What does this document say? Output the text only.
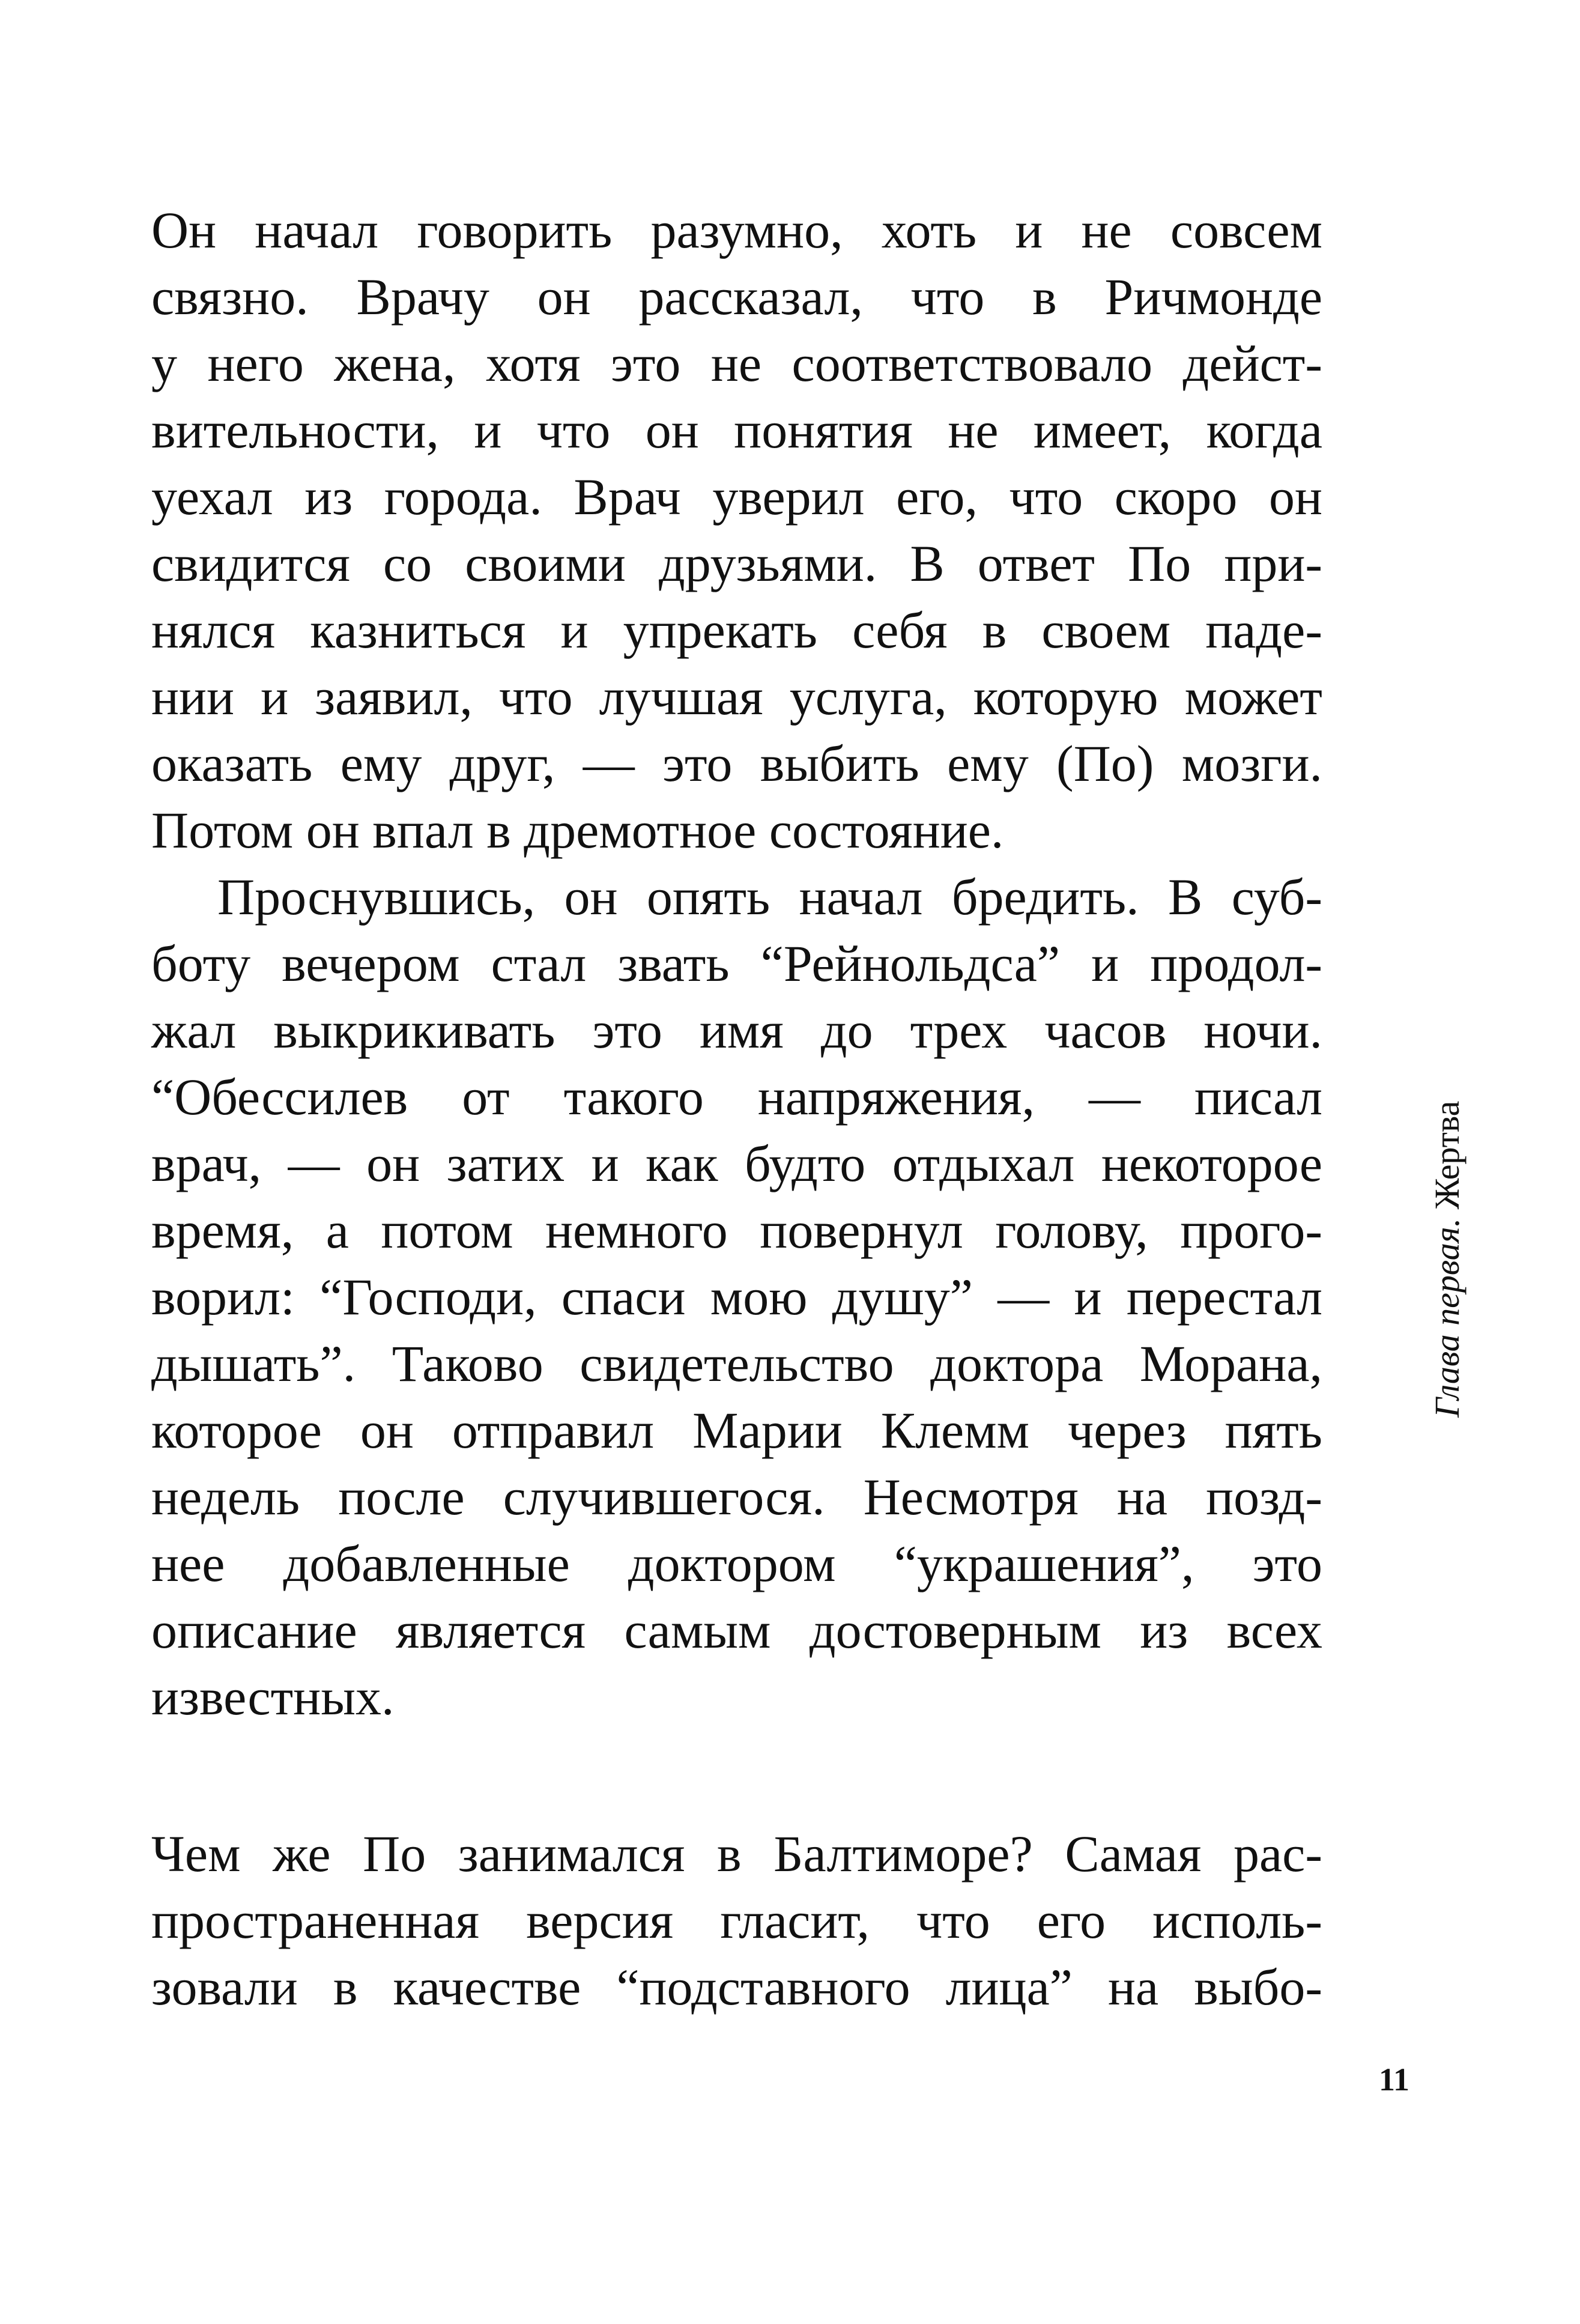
Он начал говорить разумно, хоть и не совсем
связно. Врачу он рассказал, что в Ричмонде
у него жена, хотя это не соответствовало дейст-
вительности, и что он понятия не имеет, когда
уехал из города. Врач уверил его, что скоро он
свидится со своими друзьями. В ответ По при-
нялся казниться и упрекать себя в своем паде-
нии и заявил, что лучшая услуга, которую может
оказать ему друг, — это выбить ему (По) мозги.
Потом он впал в дремотное состояние.
Проснувшись, он опять начал бредить. В суб-
боту вечером стал звать “Рейнольдса” и продол-
жал выкрикивать это имя до трех часов ночи.
“Обессилев от такого напряжения, — писал
врач, — он затих и как будто отдыхал некоторое
время, а потом немного повернул голову, прого-
ворил: “Господи, спаси мою душу” — и перестал
дышать”. Таково свидетельство доктора Морана,
которое он отправил Марии Клемм через пять
недель после случившегося. Несмотря на позд-
нее добавленные доктором “украшения”, это
описание является самым достоверным из всех
известных.
Чем же По занимался в Балтиморе? Самая рас-
пространенная версия гласит, что его исполь-
зовали в качестве “подставного лица” на выбо-
Глава первая. Жертва
11
